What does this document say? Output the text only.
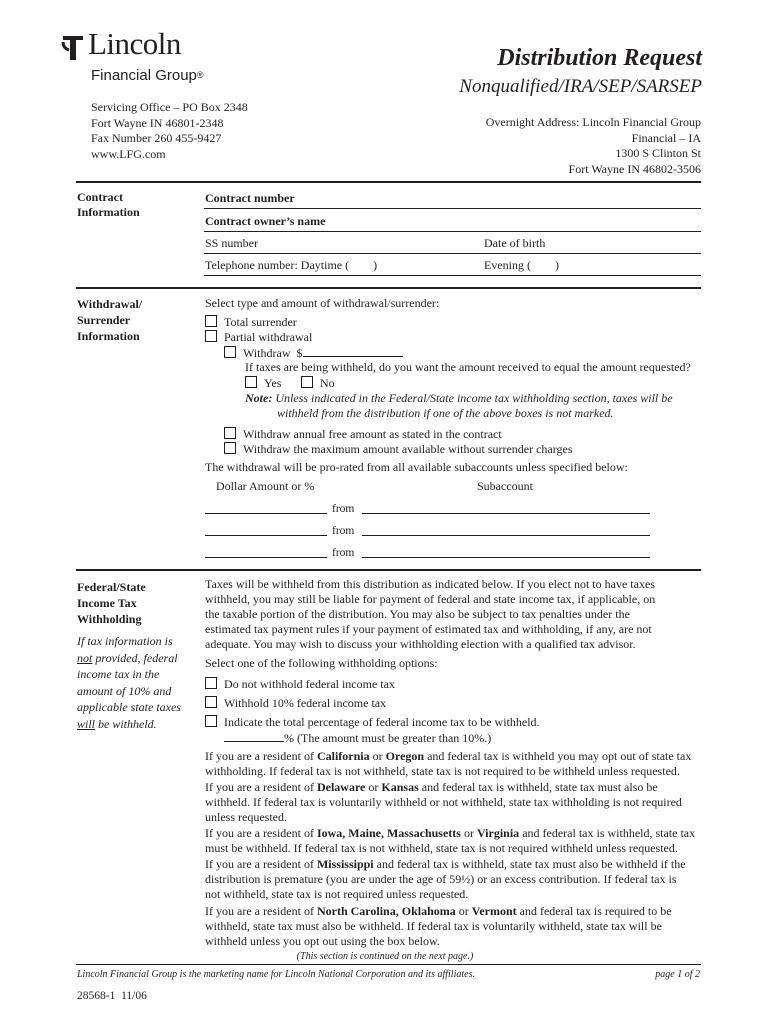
Lincoln
Financial Group®
Distribution Request
Nonqualified/IRA/SEP/SARSEP
Servicing Office – PO Box 2348
Fort Wayne IN 46801-2348
Fax Number 260 455-9427
www.LFG.com
Overnight Address: Lincoln Financial Group
Financial – IA
1300 S Clinton St
Fort Wayne IN 46802-3506
Contract
Information
Contract number
Contract owner’s name
SS number	Date of birth
Telephone number: Daytime (        )	Evening (        )
Withdrawal/
Surrender
Information
Select type and amount of withdrawal/surrender:
Total surrender
Partial withdrawal
Withdraw  $
If taxes are being withheld, do you want the amount received to equal the amount requested?
Yes	No
Note: Unless indicated in the Federal/State income tax withholding section, taxes will be
withheld from the distribution if one of the above boxes is not marked.
Withdraw annual free amount as stated in the contract
Withdraw the maximum amount available without surrender charges
The withdrawal will be pro-rated from all available subaccounts unless specified below:
Dollar Amount or %	Subaccount
from
from
from
Federal/State
Income Tax
Withholding
If tax information is
not provided, federal
income tax in the
amount of 10% and
applicable state taxes
will be withheld.
Taxes will be withheld from this distribution as indicated below. If you elect not to have taxes
withheld, you may still be liable for payment of federal and state income tax, if applicable, on
the taxable portion of the distribution. You may also be subject to tax penalties under the
estimated tax payment rules if your payment of estimated tax and withholding, if any, are not
adequate. You may wish to discuss your withholding election with a qualified tax advisor.
Select one of the following withholding options:
Do not withhold federal income tax
Withhold 10% federal income tax
Indicate the total percentage of federal income tax to be withheld.
% (The amount must be greater than 10%.)
If you are a resident of California or Oregon and federal tax is withheld you may opt out of state tax
withholding. If federal tax is not withheld, state tax is not required to be withheld unless requested.
If you are a resident of Delaware or Kansas and federal tax is withheld, state tax must also be
withheld. If federal tax is voluntarily withheld or not withheld, state tax withholding is not required
unless requested.
If you are a resident of Iowa, Maine, Massachusetts or Virginia and federal tax is withheld, state tax
must be withheld. If federal tax is not withheld, state tax is not required withheld unless requested.
If you are a resident of Mississippi and federal tax is withheld, state tax must also be withheld if the
distribution is premature (you are under the age of 59½) or an excess contribution. If federal tax is
not withheld, state tax is not required unless requested.
If you are a resident of North Carolina, Oklahoma or Vermont and federal tax is required to be
withheld, state tax must also be withheld. If federal tax is voluntarily withheld, state tax will be
withheld unless you opt out using the box below.
(This section is continued on the next page.)
Lincoln Financial Group is the marketing name for Lincoln National Corporation and its affiliates.	page 1 of 2
28568-1  11/06
